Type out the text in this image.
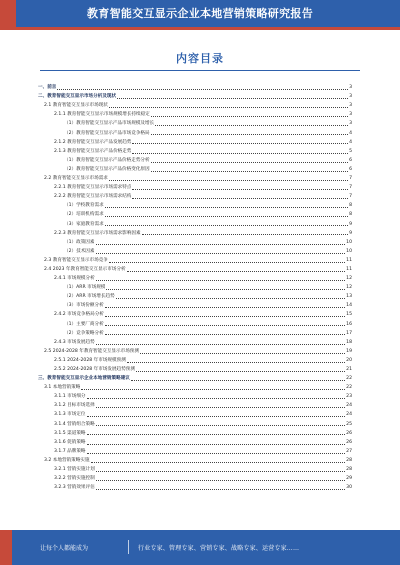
教育智能交互显示企业本地营销策略研究报告
内容目录
一、前言	3
二、教育智能交互显示市场分析及现状	3
2.1 教育智能交互显示市场现状	3
2.1.1 教育智能交互显示市场规模增长持续稳定	3
（1）教育智能交互显示产品市场规模及增长	3
（2）教育智能交互显示产品市场竞争格局	4
2.1.2 教育智能交互显示产品发展趋势	4
2.1.3 教育智能交互显示产品价格走势	5
（1）教育智能交互显示产品价格走势分析	6
（2）教育智能交互显示产品价格变化原因	6
2.2 教育智能交互显示市场需求	7
2.2.1 教育智能交互显示市场需求特点	7
2.2.2 教育智能交互显示市场需求结构	7
（1）学校教育需求	8
（2）培训机构需求	8
（3）家庭教育需求	9
2.2.3 教育智能交互显示市场需求影响因素	9
（1）政策因素	10
（2）技术因素	10
2.3 教育智能交互显示市场竞争	11
2.4 2023 年教育智能交互显示市场分析	11
2.4.1 市场规模分析	12
（1）ARR 市场规模	12
（2）ARR 市场增长趋势	13
（3）市场份额分析	14
2.4.2 市场竞争格局分析	15
（1）主要厂商分析	16
（2）竞争策略分析	17
2.4.3 市场发展趋势	18
2.5 2024-2028 年教育智能交互显示市场预测	19
2.5.1 2024-2028 年市场规模预测	20
2.5.2 2024-2028 年市场发展趋势预测	21
三、教育智能交互显示企业本地营销策略建议	22
3.1 本地营销策略	22
3.1.1 市场细分	23
3.1.2 目标市场选择	24
3.1.3 市场定位	24
3.1.4 营销组合策略	25
3.1.5 渠道策略	26
3.1.6 促销策略	26
3.1.7 品牌策略	27
3.2 本地营销策略实施	28
3.2.1 营销实施计划	28
3.2.2 营销实施控制	29
3.2.3 营销效果评估	30
让每个人都能成为	行业专家、管理专家、营销专家、战略专家、运营专家……
